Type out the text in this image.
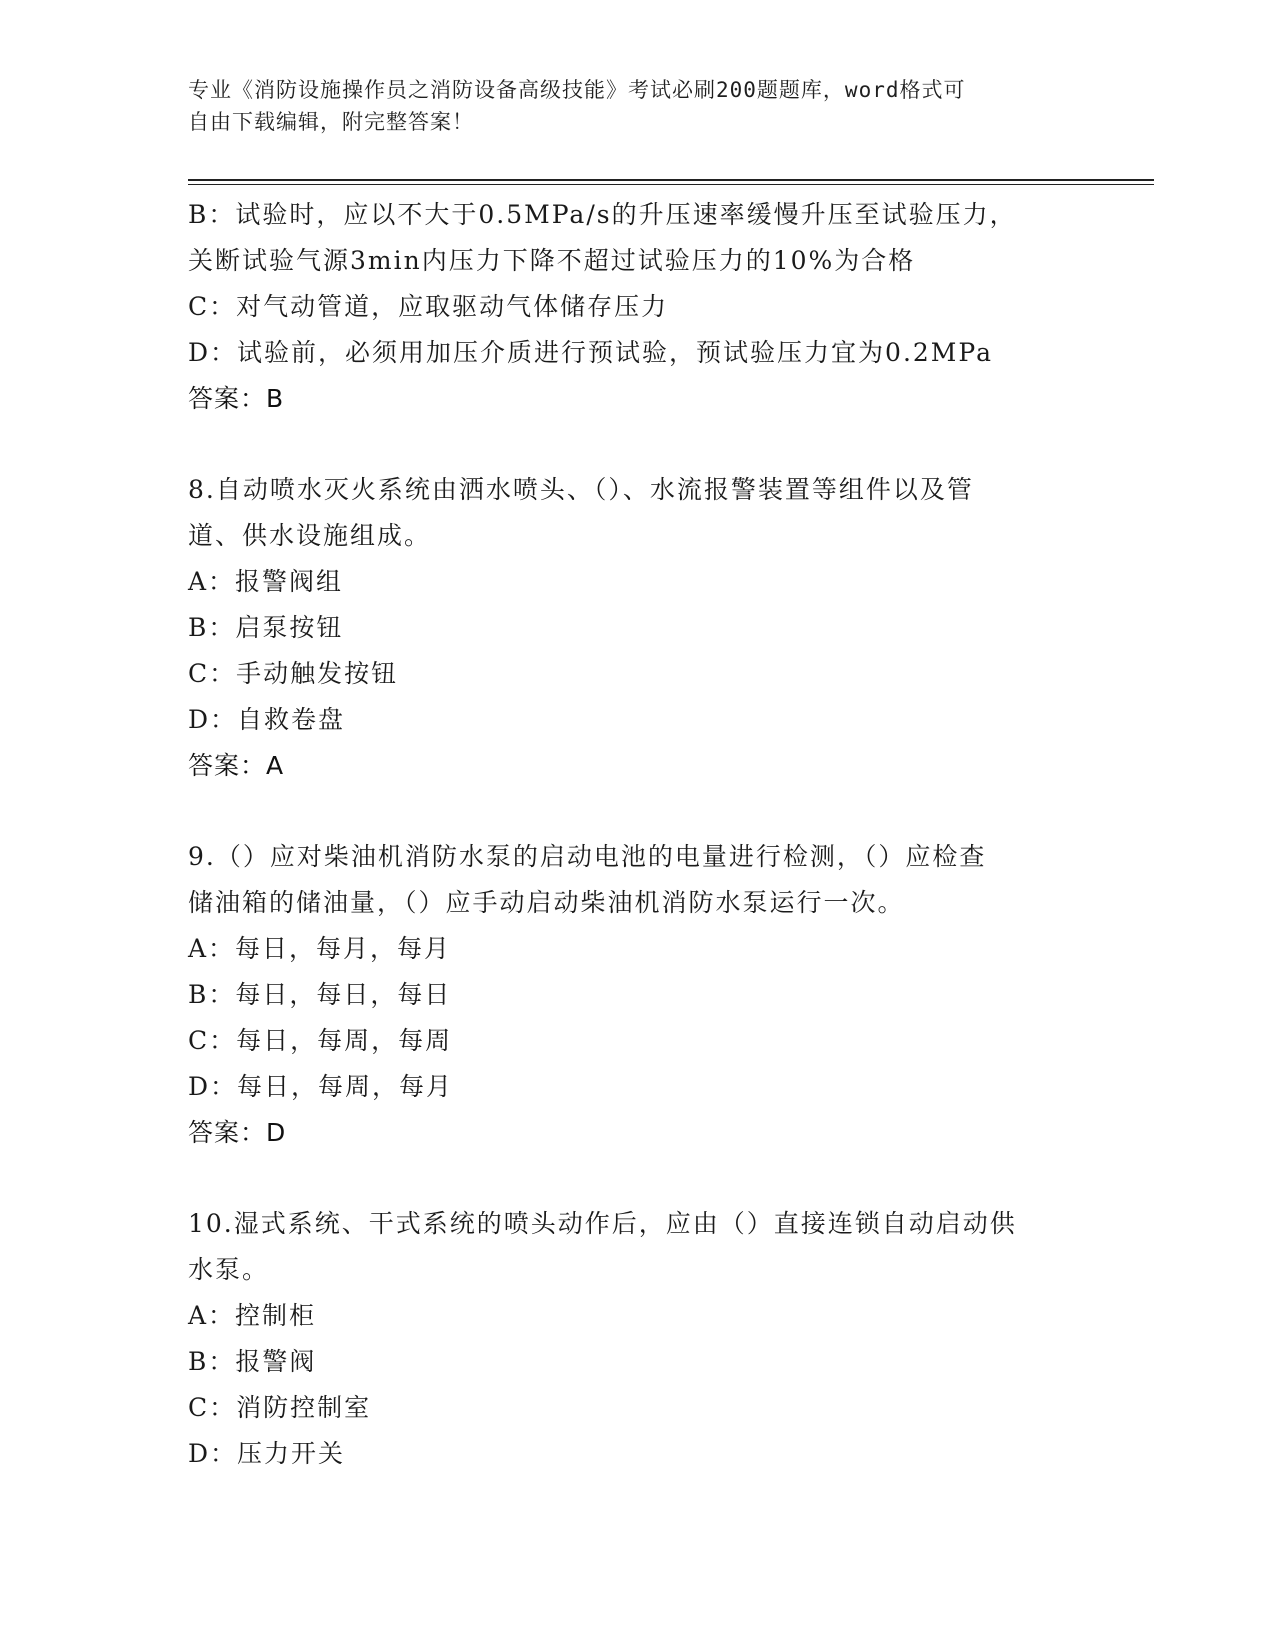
专业《消防设施操作员之消防设备高级技能》考试必刷200题题库，word格式可
自由下载编辑，附完整答案！
B：试验时，应以不大于0.5MPa/s的升压速率缓慢升压至试验压力，
关断试验气源3min内压力下降不超过试验压力的10%为合格
C：对气动管道，应取驱动气体储存压力
D：试验前，必须用加压介质进行预试验，预试验压力宜为0.2MPa
答案：B
8.自动喷水灭火系统由洒水喷头、（）、水流报警装置等组件以及管
道、供水设施组成。
A：报警阀组
B：启泵按钮
C：手动触发按钮
D：自救卷盘
答案：A
9.（）应对柴油机消防水泵的启动电池的电量进行检测，（）应检查
储油箱的储油量，（）应手动启动柴油机消防水泵运行一次。
A：每日，每月，每月
B：每日，每日，每日
C：每日，每周，每周
D：每日，每周，每月
答案：D
10.湿式系统、干式系统的喷头动作后，应由（）直接连锁自动启动供
水泵。
A：控制柜
B：报警阀
C：消防控制室
D：压力开关
